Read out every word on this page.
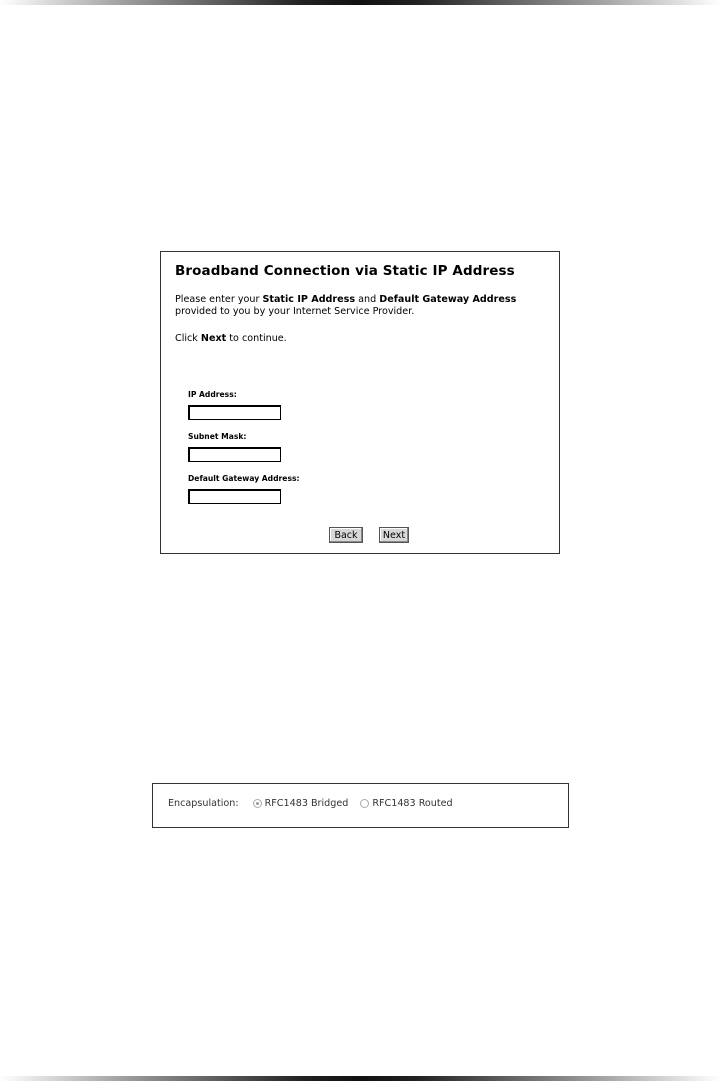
Broadband Connection via Static IP Address
Please enter your Static IP Address and Default Gateway Address
provided to you by your Internet Service Provider.
Click Next to continue.
IP Address:
Subnet Mask:
Default Gateway Address:
Back	Next
Encapsulation:	RFC1483 Bridged	RFC1483 Routed
